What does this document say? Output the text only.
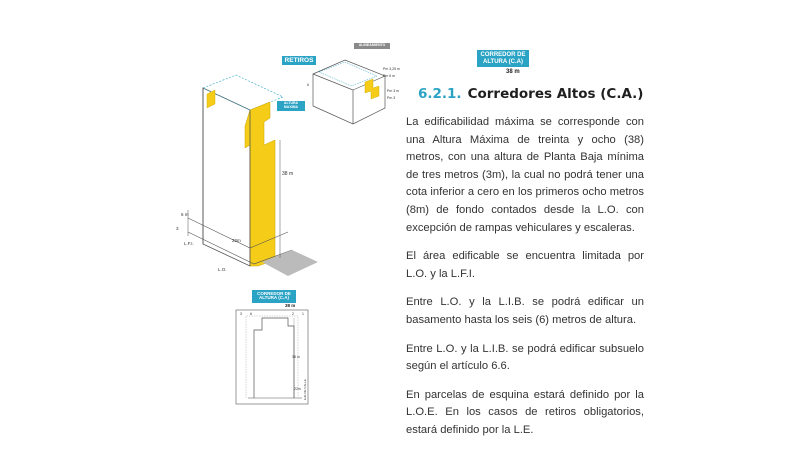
38 m
6 m
3
22m
L.F.I.
L.O.
RETIROS
ALTURA MAXIMA
Pm 3,25 m
Pm 6 m
Pm 3 m
Pm 3
6
ALINEAMIENTO
CORREDOR DE ALTURA (C.A)
38 m
6.2.1. Corredores Altos (C.A.)

La edificabilidad máxima se corresponde con una Altura Máxima de treinta y ocho (38) metros, con una altura de Planta Baja mínima de tres metros (3m), la cual no podrá tener una cota inferior a cero en los primeros ocho metros (8m) de fondo contados desde la L.O. con excepción de rampas vehiculares y escaleras.

El área edificable se encuentra limitada por L.O. y la L.F.I.

Entre L.O. y la L.I.B. se podrá edificar un basamento hasta los seis (6) metros de altura.

Entre L.O. y la L.I.B. se podrá edificar subsuelo según el artículo 6.6.

En parcelas de esquina estará definido por la L.O.E. En los casos de retiros obligatorios, estará definido por la L.E.

CORREDOR DE ALTURA (C.A)
38 m
38 m
22m
3 6	2 1
EJE DE CALLE
